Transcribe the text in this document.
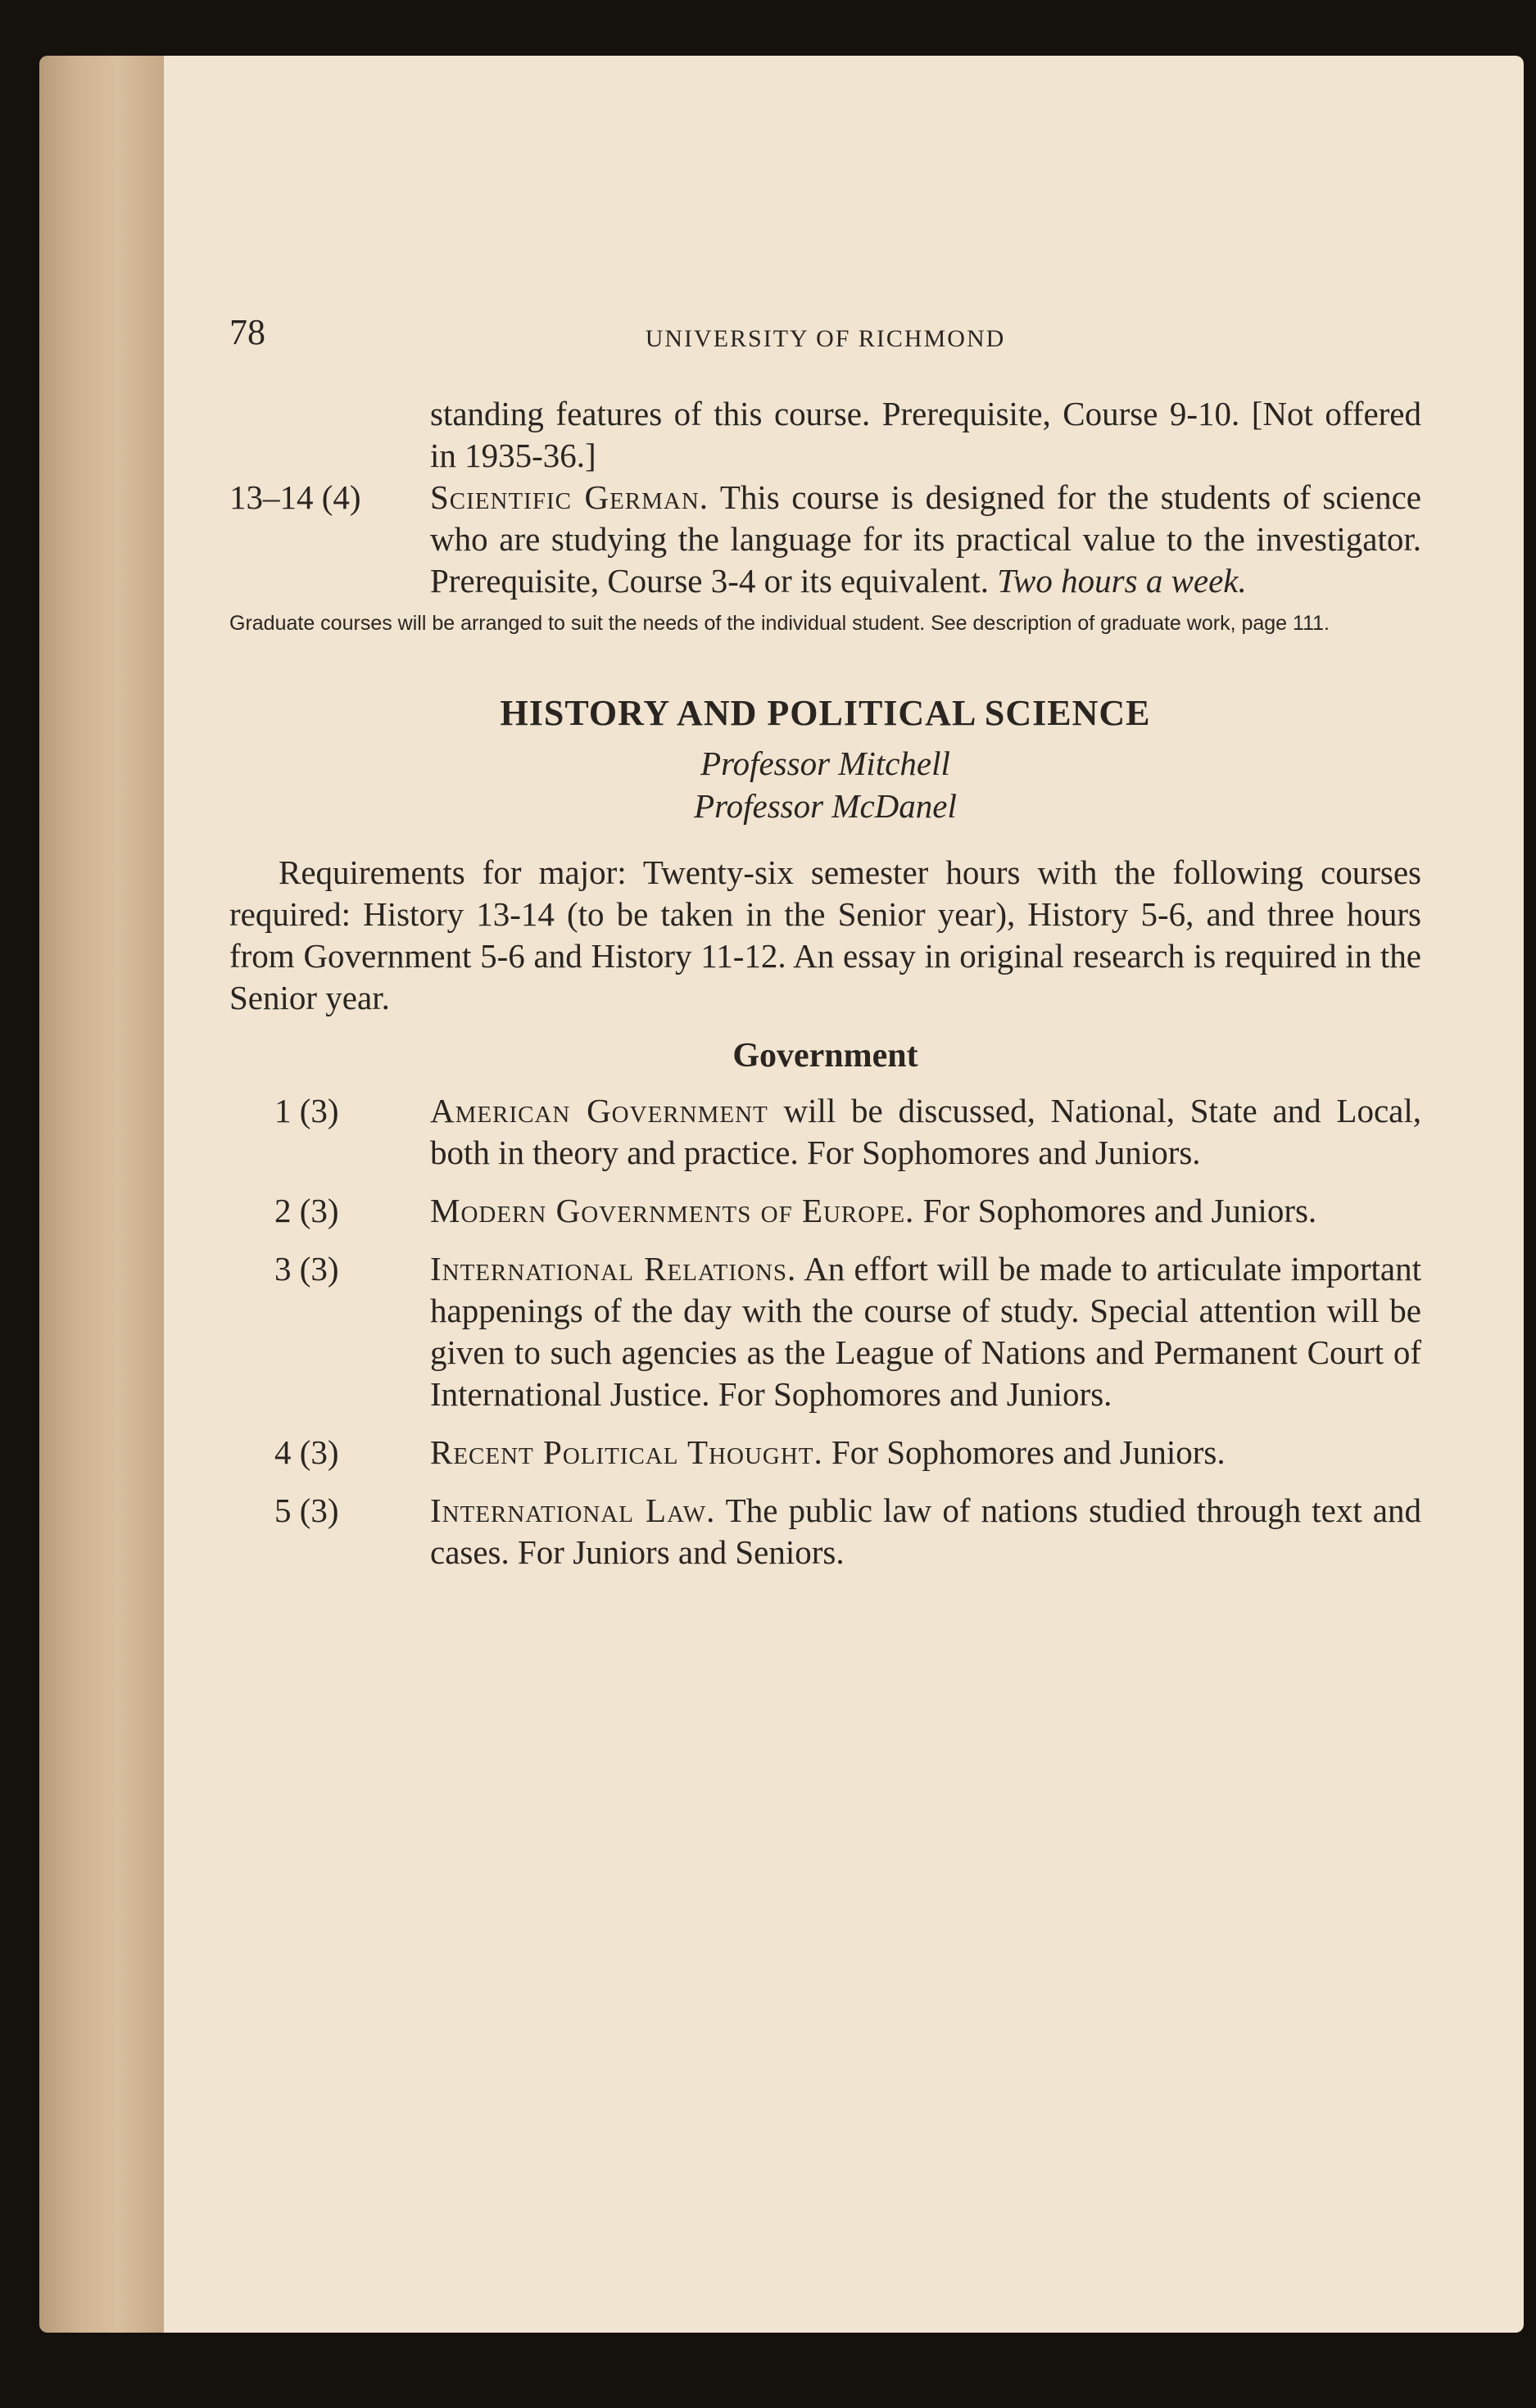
78	UNIVERSITY OF RICHMOND
standing features of this course. Prerequisite, Course 9-10. [Not offered in 1935-36.]
13–14 (4)	Scientific German. This course is designed for the students of science who are studying the language for its practical value to the investigator. Prerequisite, Course 3-4 or its equivalent. Two hours a week.

Graduate courses will be arranged to suit the needs of the individual student. See description of graduate work, page 111.

HISTORY AND POLITICAL SCIENCE
Professor Mitchell
Professor McDanel

Requirements for major: Twenty-six semester hours with the following courses required: History 13-14 (to be taken in the Senior year), History 5-6, and three hours from Government 5-6 and History 11-12. An essay in original research is required in the Senior year.

Government
1 (3)	American Government will be discussed, National, State and Local, both in theory and practice. For Sophomores and Juniors.
2 (3)	Modern Governments of Europe. For Sophomores and Juniors.
3 (3)	International Relations. An effort will be made to articulate important happenings of the day with the course of study. Special attention will be given to such agencies as the League of Nations and Permanent Court of International Justice. For Sophomores and Juniors.
4 (3)	Recent Political Thought. For Sophomores and Juniors.
5 (3)	International Law. The public law of nations studied through text and cases. For Juniors and Seniors.
